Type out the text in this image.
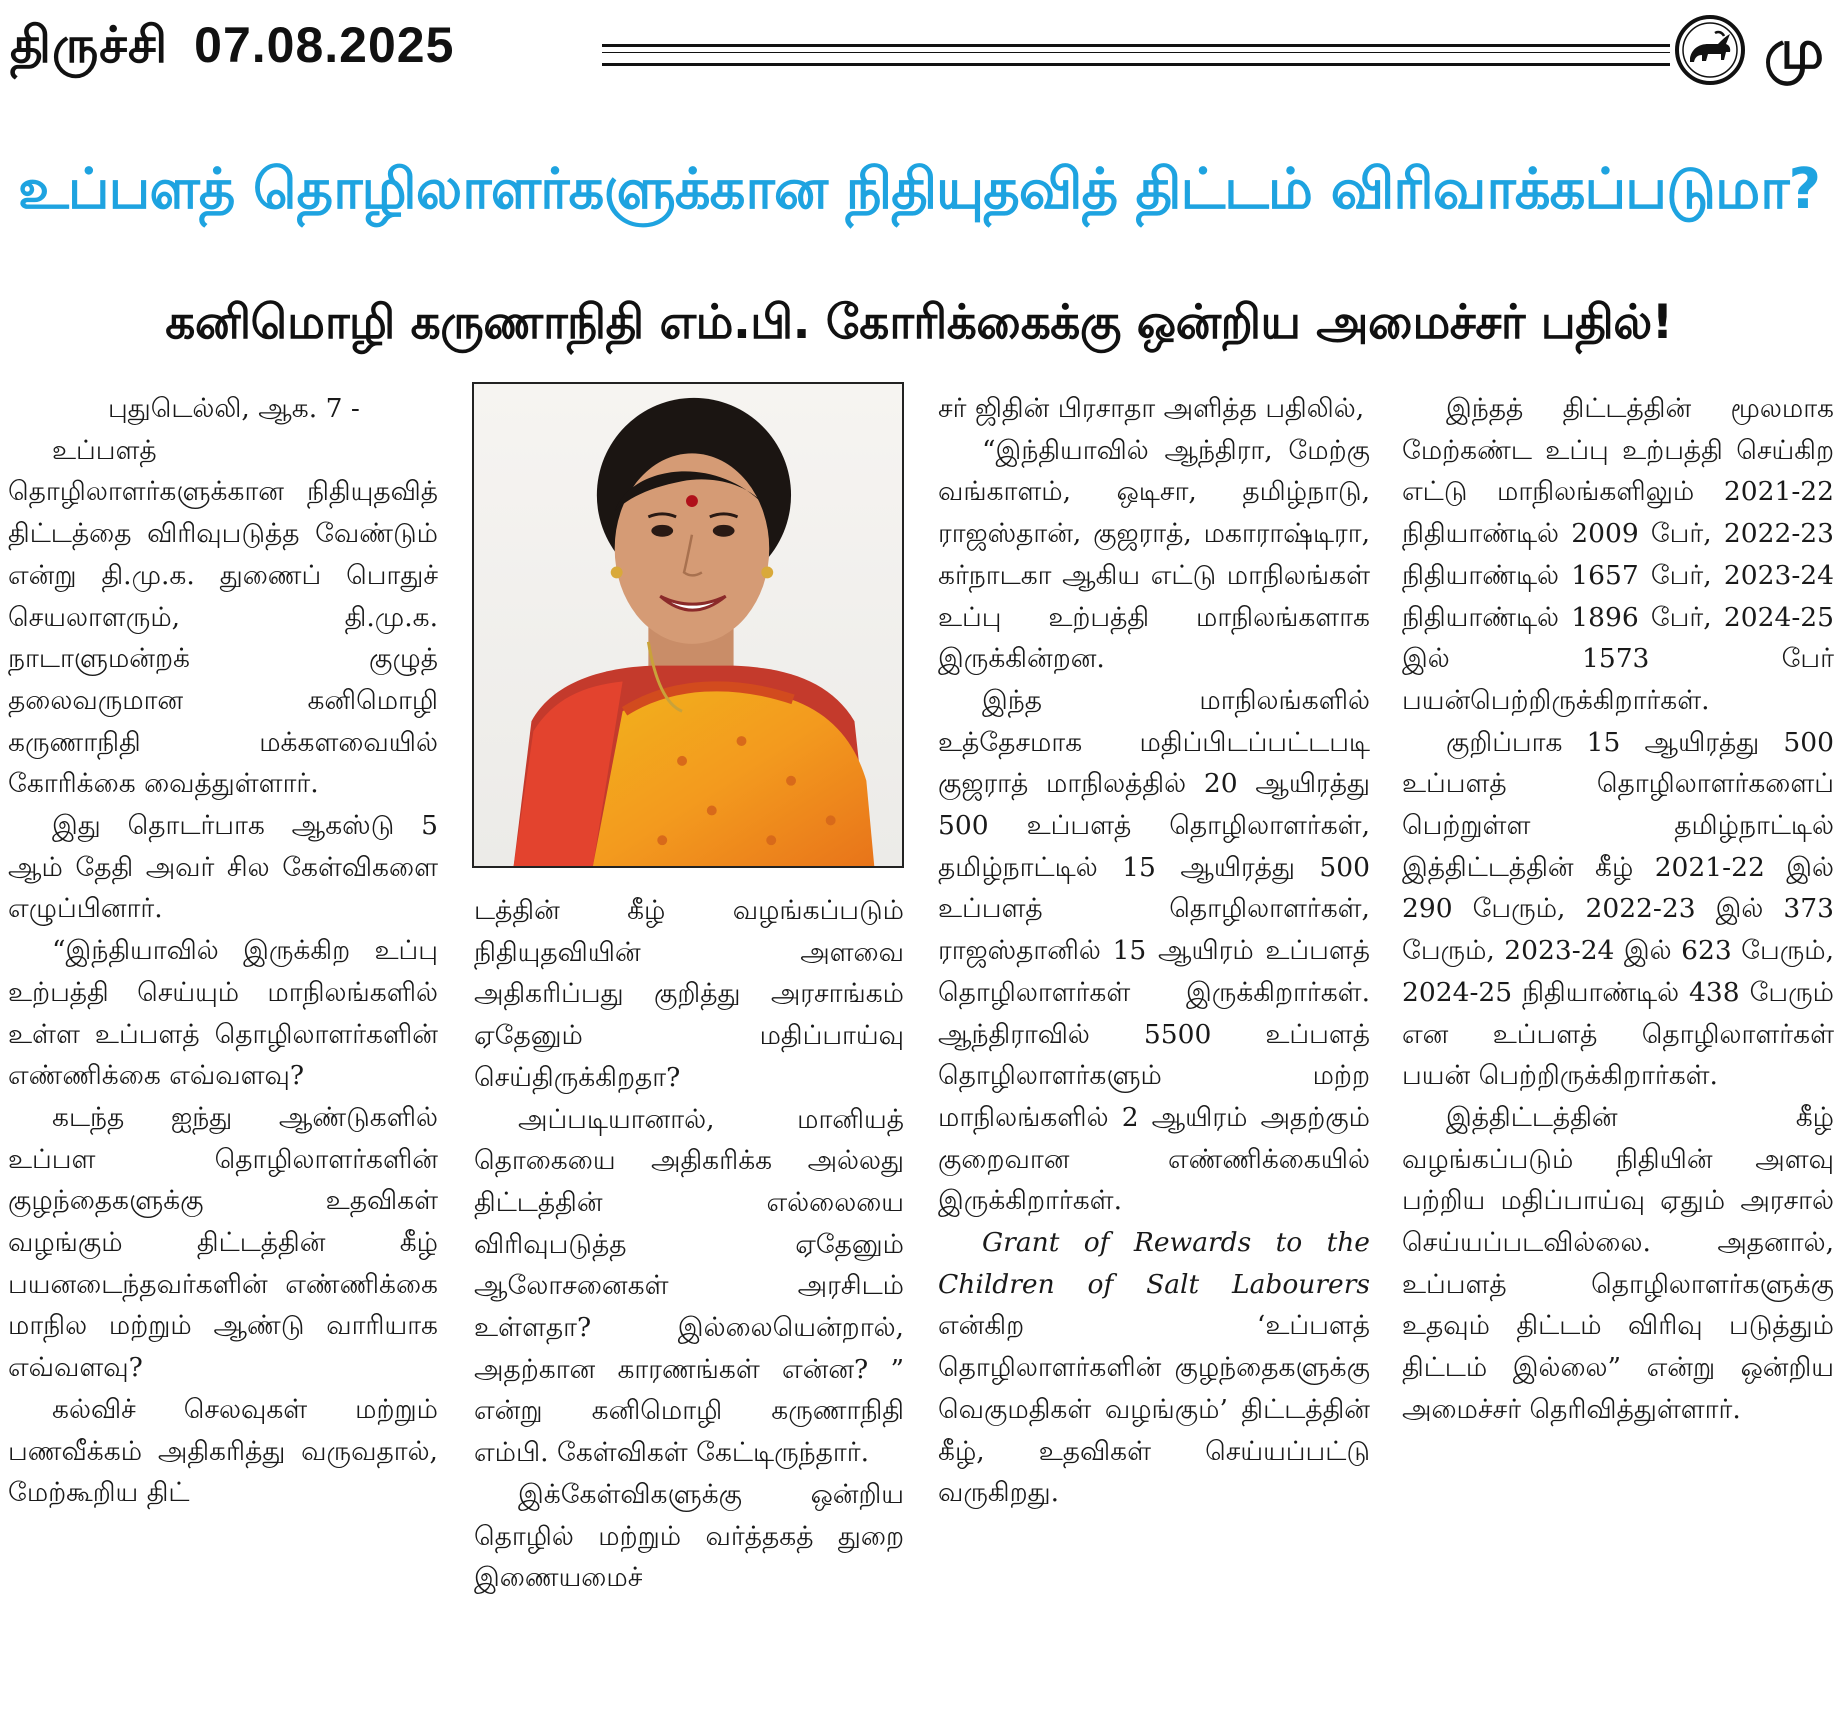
திருச்சி 07.08.2025	மு
உப்பளத் தொழிலாளர்களுக்கான நிதியுதவித் திட்டம் விரிவாக்கப்படுமா?
கனிமொழி கருணாநிதி எம்.பி. கோரிக்கைக்கு ஒன்றிய அமைச்சர் பதில்!

புதுடெல்லி, ஆக. 7 -

உப்பளத் தொழிலாளர்களுக்கான நிதியுதவித் திட்டத்தை விரிவுபடுத்த வேண்டும் என்று தி.மு.க. துணைப் பொதுச் செயலாளரும், தி.மு.க. நாடாளுமன்றக் குழுத் தலைவருமான கனிமொழி கருணாநிதி மக்களவையில் கோரிக்கை வைத்துள்ளார்.

இது தொடர்பாக ஆகஸ்டு 5 ஆம் தேதி அவர் சில கேள்விகளை எழுப்பினார்.

“இந்தியாவில் இருக்கிற உப்பு உற்பத்தி செய்யும் மாநிலங்களில் உள்ள உப்பளத் தொழிலாளர்களின் எண்ணிக்கை எவ்வளவு?

கடந்த ஐந்து ஆண்டுகளில் உப்பள தொழிலாளர்களின் குழந்தைகளுக்கு உதவிகள் வழங்கும் திட்டத்தின் கீழ் பயனடைந்தவர்களின் எண்ணிக்கை மாநில மற்றும் ஆண்டு வாரியாக எவ்வளவு?

கல்விச் செலவுகள் மற்றும் பணவீக்கம் அதிகரித்து வருவதால், மேற்கூறிய திட்

டத்தின் கீழ் வழங்கப்படும் நிதியுதவியின் அளவை அதிகரிப்பது குறித்து அரசாங்கம் ஏதேனும் மதிப்பாய்வு செய்திருக்கிறதா?

அப்படியானால், மானியத் தொகையை அதிகரிக்க அல்லது திட்டத்தின் எல்லையை விரிவுபடுத்த ஏதேனும் ஆலோசனைகள் அரசிடம் உள்ளதா? இல்லையென்றால், அதற்கான காரணங்கள் என்ன? ” என்று கனிமொழி கருணாநிதி எம்பி. கேள்விகள் கேட்டிருந்தார்.

இக்கேள்விகளுக்கு ஒன்றிய தொழில் மற்றும் வர்த்தகத் துறை இணையமைச்

சர் ஜிதின் பிரசாதா அளித்த பதிலில்,

“இந்தியாவில் ஆந்திரா, மேற்கு வங்காளம், ஒடிசா, தமிழ்நாடு, ராஜஸ்தான், குஜராத், மகாராஷ்டிரா, கர்நாடகா ஆகிய எட்டு மாநிலங்கள் உப்பு உற்பத்தி மாநிலங்களாக இருக்கின்றன.

இந்த மாநிலங்களில் உத்தேசமாக மதிப்பிடப்பட்டபடி குஜராத் மாநிலத்தில் 20 ஆயிரத்து 500 உப்பளத் தொழிலாளர்கள், தமிழ்நாட்டில் 15 ஆயிரத்து 500 உப்பளத் தொழிலாளர்கள், ராஜஸ்தானில் 15 ஆயிரம் உப்பளத் தொழிலாளர்கள் இருக்கிறார்கள். ஆந்திராவில் 5500 உப்பளத் தொழிலாளர்களும் மற்ற மாநிலங்களில் 2 ஆயிரம் அதற்கும் குறைவான எண்ணிக்கையில் இருக்கிறார்கள்.

Grant of Rewards to the Children of Salt Labourers என்கிற ‘உப்பளத் தொழிலாளர்களின் குழந்தைகளுக்கு வெகுமதிகள் வழங்கும்’ திட்டத்தின் கீழ், உதவிகள் செய்யப்பட்டு வருகிறது.

இந்தத் திட்டத்தின் மூலமாக மேற்கண்ட உப்பு உற்பத்தி செய்கிற எட்டு மாநிலங்களிலும் 2021-22 நிதியாண்டில் 2009 பேர், 2022-23 நிதியாண்டில் 1657 பேர், 2023-24 நிதியாண்டில் 1896 பேர், 2024-25 இல் 1573 பேர் பயன்பெற்றிருக்கிறார்கள்.

குறிப்பாக 15 ஆயிரத்து 500 உப்பளத் தொழிலாளர்களைப் பெற்றுள்ள தமிழ்நாட்டில் இத்திட்டத்தின் கீழ் 2021-22 இல் 290 பேரும், 2022-23 இல் 373 பேரும், 2023-24 இல் 623 பேரும், 2024-25 நிதியாண்டில் 438 பேரும் என உப்பளத் தொழிலாளர்கள் பயன் பெற்றிருக்கிறார்கள்.

இத்திட்டத்தின் கீழ் வழங்கப்படும் நிதியின் அளவு பற்றிய மதிப்பாய்வு ஏதும் அரசால் செய்யப்படவில்லை. அதனால், உப்பளத் தொழிலாளர்களுக்கு உதவும் திட்டம் விரிவு படுத்தும் திட்டம் இல்லை” என்று ஒன்றிய அமைச்சர் தெரிவித்துள்ளார்.
